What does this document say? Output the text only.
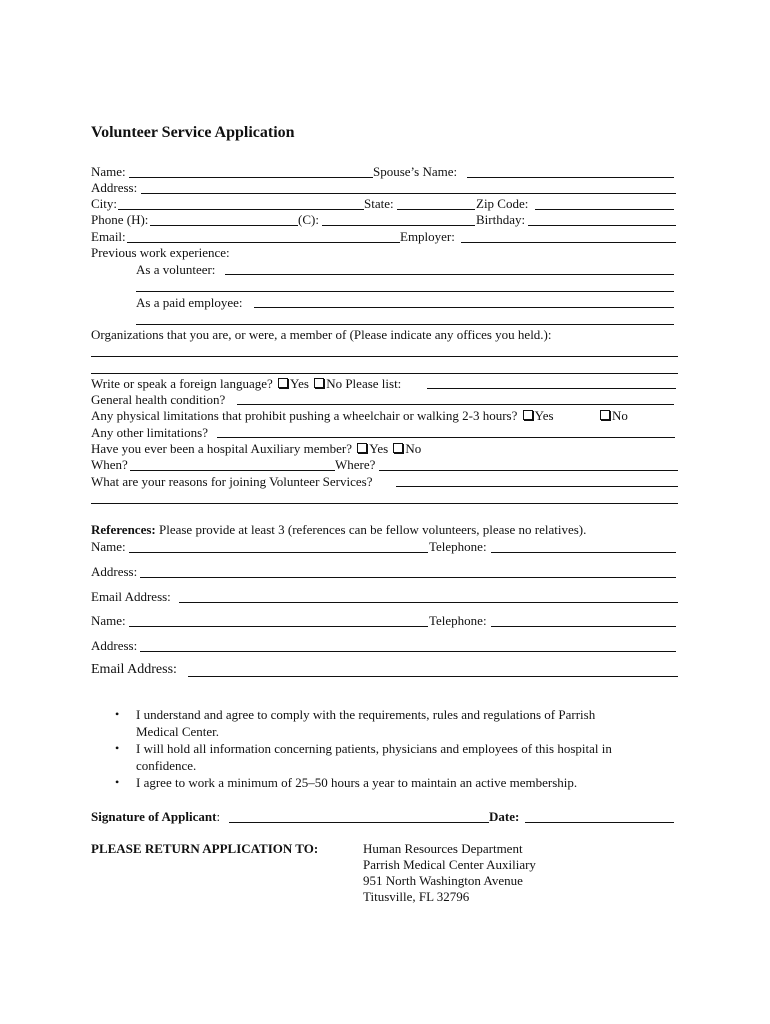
Volunteer Service Application
Name:	Spouse’s Name:
Address:
City:	State:	Zip Code:
Phone (H):	(C):	Birthday:
Email:	Employer:
Previous work experience:
As a volunteer:
As a paid employee:
Organizations that you are, or were, a member of (Please indicate any offices you held.):
Write or speak a foreign language? Yes No Please list:
General health condition?
Any physical limitations that prohibit pushing a wheelchair or walking 2-3 hours? Yes	No
Any other limitations?
Have you ever been a hospital Auxiliary member? Yes No
When?	Where?
What are your reasons for joining Volunteer Services?
References: Please provide at least 3 (references can be fellow volunteers, please no relatives).
Name:	Telephone:
Address:
Email Address:
Name:	Telephone:
Address:
Email Address:
• I understand and agree to comply with the requirements, rules and regulations of Parrish
Medical Center.
• I will hold all information concerning patients, physicians and employees of this hospital in
confidence.
• I agree to work a minimum of 25–50 hours a year to maintain an active membership.
Signature of Applicant:	Date:
PLEASE RETURN APPLICATION TO:	Human Resources Department
Parrish Medical Center Auxiliary
951 North Washington Avenue
Titusville, FL 32796
